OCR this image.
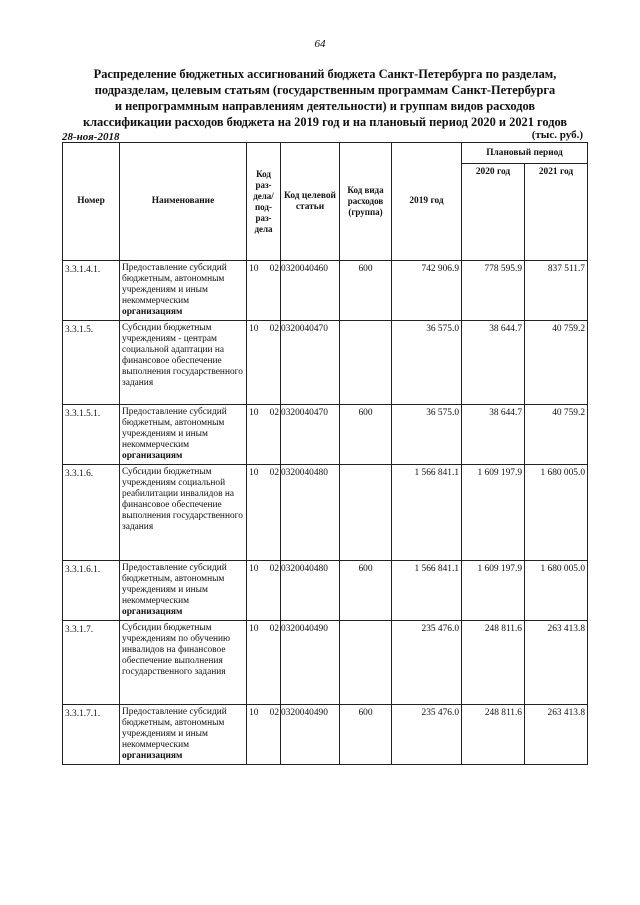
64
Распределение бюджетных ассигнований бюджета Санкт-Петербурга по разделам,
подразделам, целевым статьям (государственным программам Санкт-Петербурга
и непрограммным направлениям деятельности) и группам видов расходов
классификации расходов бюджета на 2019 год и на плановый период 2020 и 2021 годов
28-ноя-2018	(тыс. руб.)
Номер	Наименование	Код раз-дела/ под-раз-дела	Код целевой статьи	Код вида расходов (группа)	2019 год	Плановый период	
						2020 год	2021 год
3.3.1.4.1.	Предоставление субсидий бюджетным, автономным учреждениям и иным некоммерческим организациям	10 02	0320040460	600	742 906.9	778 595.9	837 511.7
3.3.1.5.	Субсидии бюджетным учреждениям - центрам социальной адаптации на финансовое обеспечение выполнения государственного задания	10 02	0320040470		36 575.0	38 644.7	40 759.2
3.3.1.5.1.	Предоставление субсидий бюджетным, автономным учреждениям и иным некоммерческим организациям	10 02	0320040470	600	36 575.0	38 644.7	40 759.2
3.3.1.6.	Субсидии бюджетным учреждениям социальной реабилитации инвалидов на финансовое обеспечение выполнения государственного задания	10 02	0320040480		1 566 841.1	1 609 197.9	1 680 005.0
3.3.1.6.1.	Предоставление субсидий бюджетным, автономным учреждениям и иным некоммерческим организациям	10 02	0320040480	600	1 566 841.1	1 609 197.9	1 680 005.0
3.3.1.7.	Субсидии бюджетным учреждениям по обучению инвалидов на финансовое обеспечение выполнения государственного задания	10 02	0320040490		235 476.0	248 811.6	263 413.8
3.3.1.7.1.	Предоставление субсидий бюджетным, автономным учреждениям и иным некоммерческим организациям	10 02	0320040490	600	235 476.0	248 811.6	263 413.8
